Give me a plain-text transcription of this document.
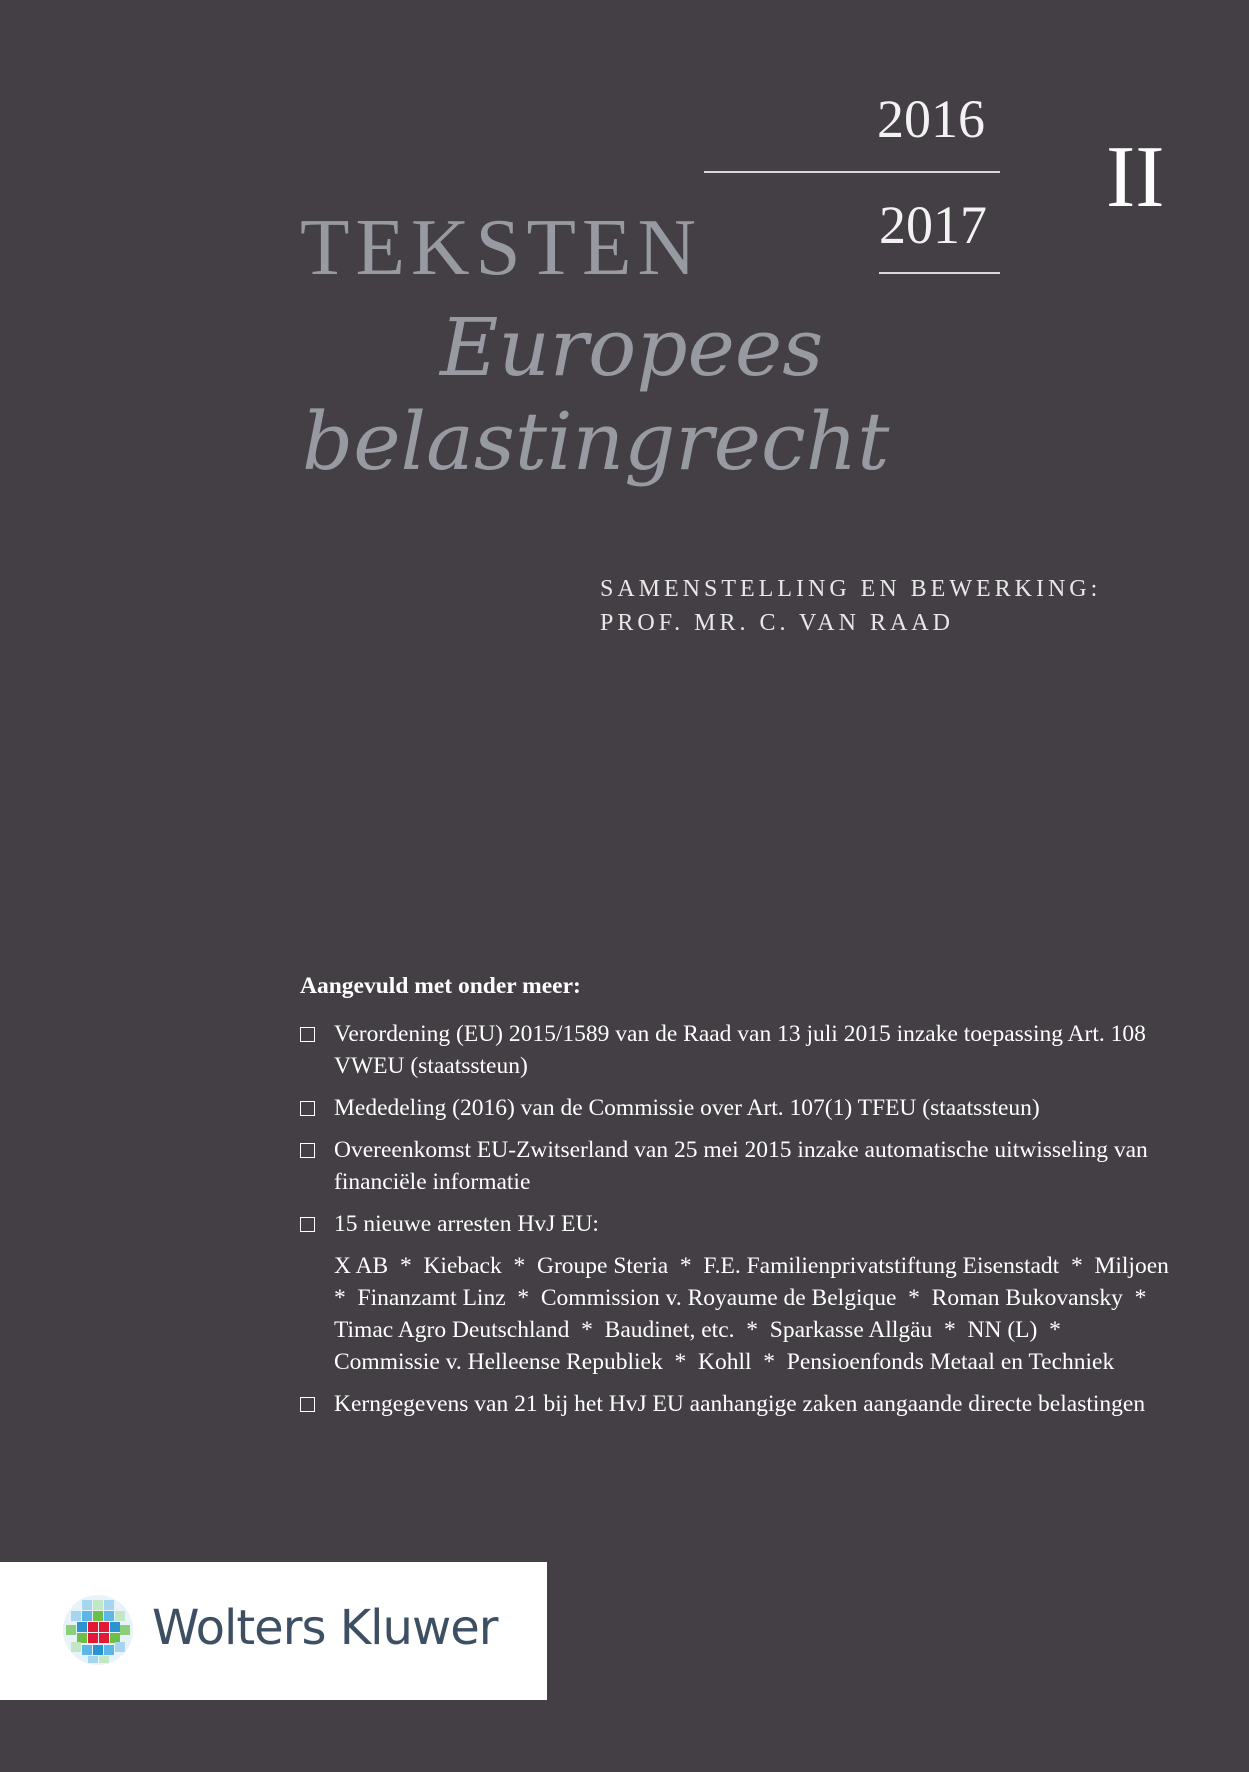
2016
2017 II
teksten
Europees
belastingrecht
SAMENSTELLING EN BEWERKING:
PROF. MR. C. VAN RAAD
Aangevuld met onder meer:
Verordening (EU) 2015/1589 van de Raad van 13 juli 2015 inzake toepassing Art. 108 VWEU (staatssteun)
Mededeling (2016) van de Commissie over Art. 107(1) TFEU (staatssteun)
Overeenkomst EU-Zwitserland van 25 mei 2015 inzake automatische uitwisseling van financiële informatie
15 nieuwe arresten HvJ EU:
X AB  *  Kieback  *  Groupe Steria  *  F.E. Familienprivatstiftung Eisenstadt  *  Miljoen  *  Finanzamt Linz  *  Commission v. Royaume de Belgique  *  Roman Bukovansky  *  Timac Agro Deutschland  *  Baudinet, etc.  *  Sparkasse Allgäu  *  NN (L)  *  Commissie v. Helleense Republiek  *  Kohll  *  Pensioenfonds Metaal en Techniek
Kerngegevens van 21 bij het HvJ EU aanhangige zaken aangaande directe belastingen
Wolters Kluwer
